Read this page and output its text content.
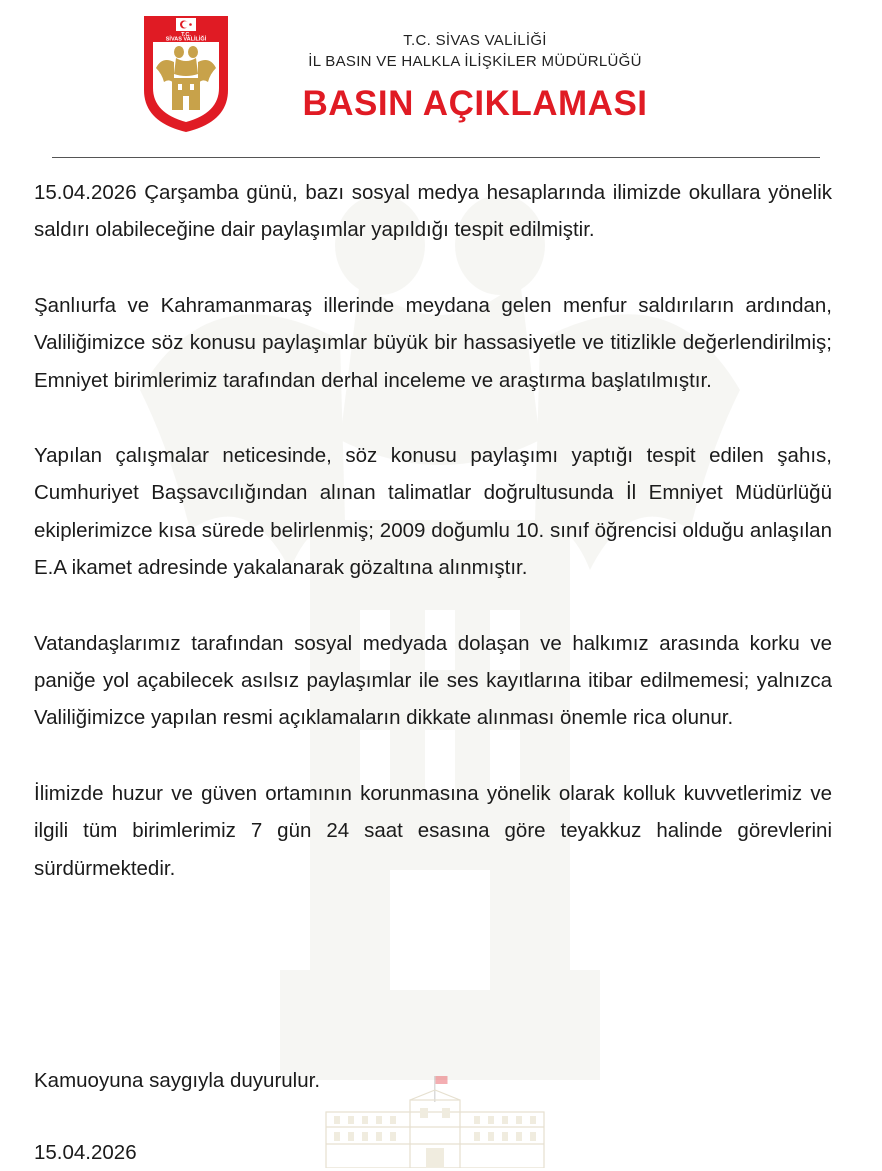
T.C.
SİVAS VALİLİĞİ	T.C. SİVAS VALİLİĞİ
İL BASIN VE HALKLA İLİŞKİLER MÜDÜRLÜĞÜ
BASIN AÇIKLAMASI

15.04.2026 Çarşamba günü, bazı sosyal medya hesaplarında ilimizde okullara yönelik saldırı olabileceğine dair paylaşımlar yapıldığı tespit edilmiştir.

Şanlıurfa ve Kahramanmaraş illerinde meydana gelen menfur saldırıların ardından, Valiliğimizce söz konusu paylaşımlar büyük bir hassasiyetle ve titizlikle değerlendirilmiş; Emniyet birimlerimiz tarafından derhal inceleme ve araştırma başlatılmıştır.

Yapılan çalışmalar neticesinde, söz konusu paylaşımı yaptığı tespit edilen şahıs, Cumhuriyet Başsavcılığından alınan talimatlar doğrultusunda İl Emniyet Müdürlüğü ekiplerimizce kısa sürede belirlenmiş; 2009 doğumlu 10. sınıf öğrencisi olduğu anlaşılan E.A ikamet adresinde yakalanarak gözaltına alınmıştır.

Vatandaşlarımız tarafından sosyal medyada dolaşan ve halkımız arasında korku ve paniğe yol açabilecek asılsız paylaşımlar ile ses kayıtlarına itibar edilmemesi; yalnızca Valiliğimizce yapılan resmi açıklamaların dikkate alınması önemle rica olunur.

İlimizde huzur ve güven ortamının korunmasına yönelik olarak kolluk kuvvetlerimiz ve ilgili tüm birimlerimiz 7 gün 24 saat esasına göre teyakkuz halinde görevlerini sürdürmektedir.

Kamuoyuna saygıyla duyurulur.
15.04.2026
